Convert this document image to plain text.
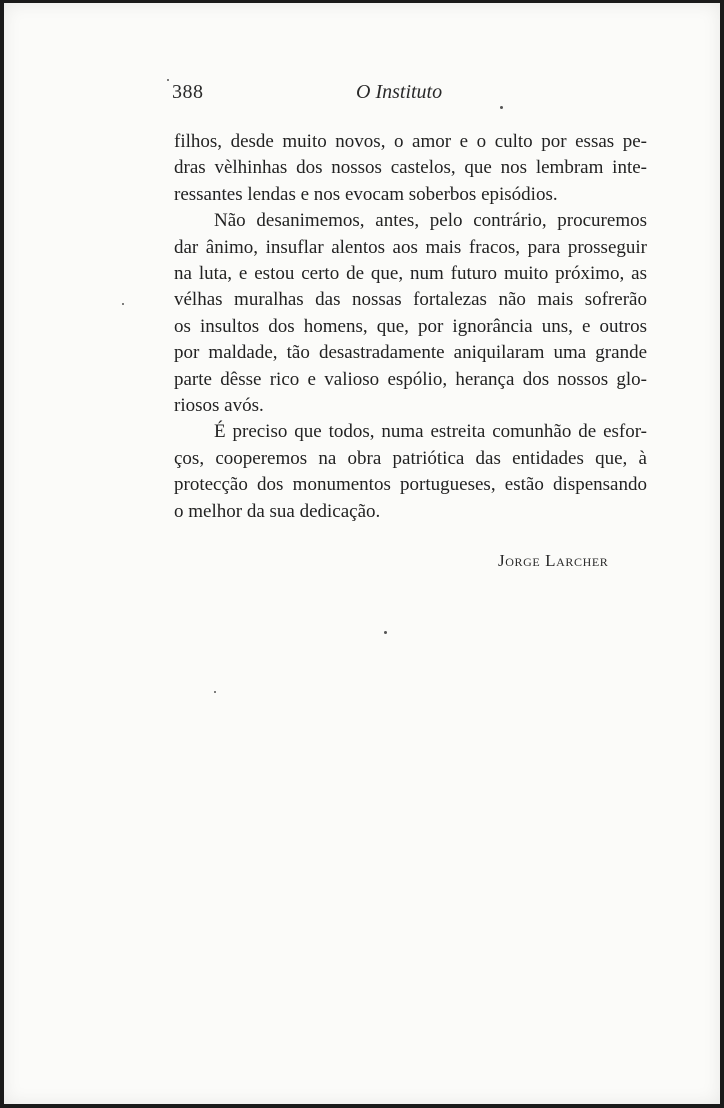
388	O Instituto

filhos, desde muito novos, o amor e o culto por essas pe-
dras vèlhinhas dos nossos castelos, que nos lembram inte-
ressantes lendas e nos evocam soberbos episódios.

Não desanimemos, antes, pelo contrário, procuremos
dar ânimo, insuflar alentos aos mais fracos, para prosseguir
na luta, e estou certo de que, num futuro muito próximo, as
vélhas muralhas das nossas fortalezas não mais sofrerão
os insultos dos homens, que, por ignorância uns, e outros
por maldade, tão desastradamente aniquilaram uma grande
parte dêsse rico e valioso espólio, herança dos nossos glo-
riosos avós.

É preciso que todos, numa estreita comunhão de esfor-
ços, cooperemos na obra patriótica das entidades que, à
protecção dos monumentos portugueses, estão dispensando
o melhor da sua dedicação.

Jorge Larcher
